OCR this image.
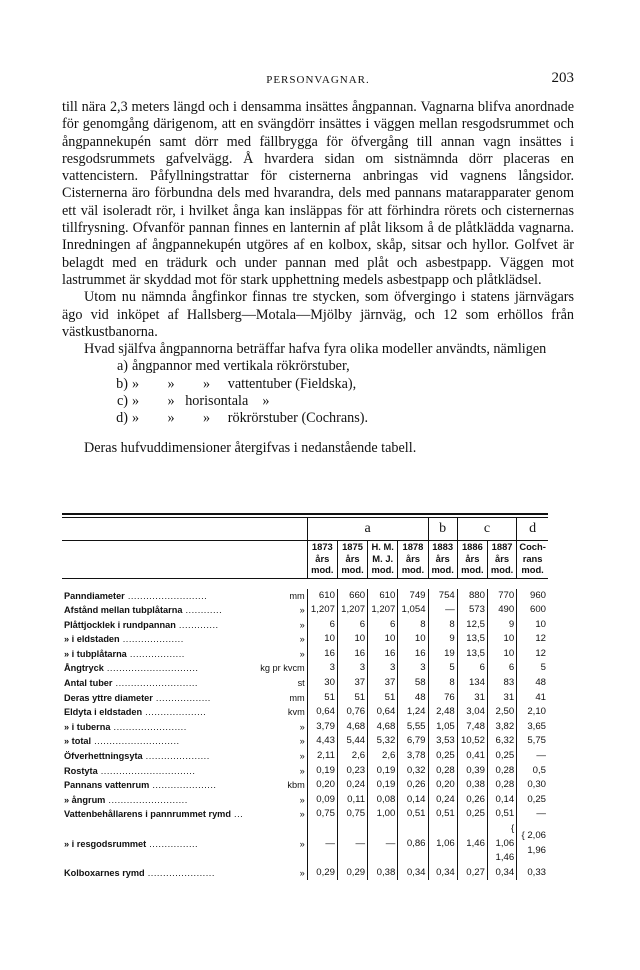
PERSONVAGNAR.	203

till nära 2,3 meters längd och i densamma insättes ångpannan. Vagnarna blifva anordnade för genomgång därigenom, att en svängdörr insättes i väggen mellan resgodsrummet och ångpannekupén samt dörr med fällbrygga för öfvergång till annan vagn insättes i resgodsrummets gafvelvägg. Å hvardera sidan om sistnämnda dörr placeras en vattencistern. Påfyllningstrattar för cisternerna anbringas vid vagnens långsidor. Cisternerna äro förbundna dels med hvarandra, dels med pannans matarapparater genom ett väl isoleradt rör, i hvilket ånga kan insläppas för att förhindra rörets och cisternernas tillfrysning. Ofvanför pannan finnes en lanternin af plåt liksom å de plåtklädda vagnarna. Inredningen af ångpannekupén utgöres af en kolbox, skåp, sitsar och hyllor. Golfvet är belagdt med en trädurk och under pannan med plåt och asbestpapp. Väggen mot lastrummet är skyddad mot för stark upphettning medels asbestpapp och plåtklädsel.

Utom nu nämnda ångfinkor finnas tre stycken, som öfvergingo i statens järnvägars ägo vid inköpet af Hallsberg—Motala—Mjölby järnväg, och 12 som erhöllos från västkustbanorna.

Hvad själfva ångpannorna beträffar hafva fyra olika modeller användts, nämligen

a) ångpannor med vertikala rökrörstuber,
b) »        »        »     vattentuber (Fieldska),
c) »        »   horisontala    »
d) »        »        »     rökrörstuber (Cochrans).

Deras hufvuddimensioner återgifvas i nedanstående tabell.

		a				b	c		d
		1873	1875	H. M.	1878	1883	1886	1887	Coch-
		års	års	M. J.	års	års	års	års	rans
		mod.	mod.	mod.	mod.	mod.	mod.	mod.	mod.

Panndiameter ..........................	mm	610	660	610	749	754	880	770	960
Afstånd mellan tubplåtarna ............	»	1,207	1,207	1,207	1,054	—	573	490	600
Plåttjocklek i rundpannan .............	»	6	6	6	8	8	12,5	9	10
» i eldstaden ....................	»	10	10	10	10	9	13,5	10	12
» i tubplåtarna ..................	»	16	16	16	16	19	13,5	10	12
Ångtryck ..............................	kg pr kvcm	3	3	3	3	5	6	6	5
Antal tuber ...........................	st	30	37	37	58	8	134	83	48
Deras yttre diameter ..................	mm	51	51	51	48	76	31	31	41
Eldyta i eldstaden ....................	kvm	0,64	0,76	0,64	1,24	2,48	3,04	2,50	2,10
» i tuberna ........................	»	3,79	4,68	4,68	5,55	1,05	7,48	3,82	3,65
» total ............................	»	4,43	5,44	5,32	6,79	3,53	10,52	6,32	5,75
Öfverhettningsyta .....................	»	2,11	2,6	2,6	3,78	0,25	0,41	0,25	—
Rostyta ...............................	»	0,19	0,23	0,19	0,32	0,28	0,39	0,28	0,5
Pannans vattenrum .....................	kbm	0,20	0,24	0,19	0,26	0,20	0,38	0,28	0,30
» ångrum ..........................	»	0,09	0,11	0,08	0,14	0,24	0,26	0,14	0,25
Vattenbehållarens i pannrummet rymd ...	»	0,75	0,75	1,00	0,51	0,51	0,25	0,51	—
» i resgodsrummet ................	»	—	—	—	0,86	1,06	1,46	{ 1,06 1,46	{ 2,06 1,96
Kolboxarnes rymd ......................	»	0,29	0,29	0,38	0,34	0,34	0,27	0,34	0,33
